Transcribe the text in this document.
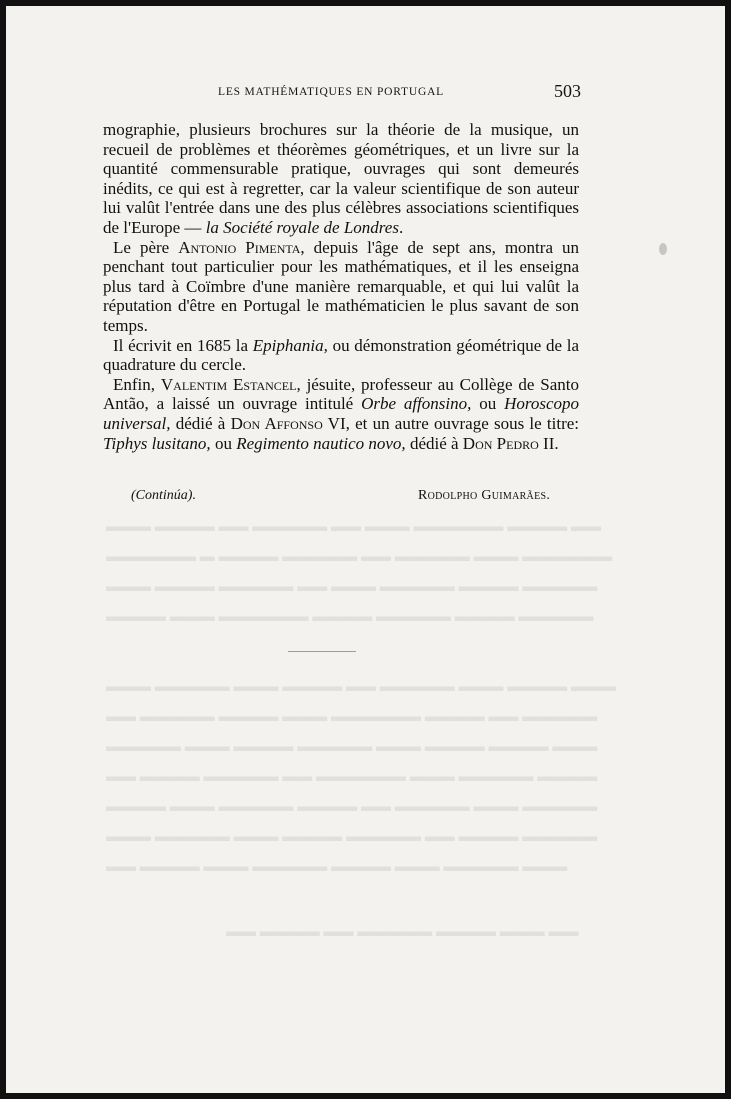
▬▬▬ ▬▬▬▬ ▬▬ ▬▬▬▬▬ ▬▬ ▬▬▬ ▬▬▬▬▬▬ ▬▬▬▬ ▬▬
▬▬▬▬▬▬ ▬ ▬▬▬▬ ▬▬▬▬▬ ▬▬ ▬▬▬▬▬ ▬▬▬ ▬▬▬▬▬▬
▬▬▬ ▬▬▬▬ ▬▬▬▬▬ ▬▬ ▬▬▬ ▬▬▬▬▬ ▬▬▬▬ ▬▬▬▬▬
▬▬▬▬ ▬▬▬ ▬▬▬▬▬▬ ▬▬▬▬ ▬▬▬▬▬ ▬▬▬▬ ▬▬▬▬▬
▬▬▬ ▬▬▬▬▬ ▬▬▬ ▬▬▬▬ ▬▬ ▬▬▬▬▬ ▬▬▬ ▬▬▬▬ ▬▬▬
▬▬ ▬▬▬▬▬ ▬▬▬▬ ▬▬▬ ▬▬▬▬▬▬ ▬▬▬▬ ▬▬ ▬▬▬▬▬
▬▬▬▬▬ ▬▬▬ ▬▬▬▬ ▬▬▬▬▬ ▬▬▬ ▬▬▬▬ ▬▬▬▬ ▬▬▬
▬▬ ▬▬▬▬ ▬▬▬▬▬ ▬▬ ▬▬▬▬▬▬ ▬▬▬ ▬▬▬▬▬ ▬▬▬▬
▬▬▬▬ ▬▬▬ ▬▬▬▬▬ ▬▬▬▬ ▬▬ ▬▬▬▬▬ ▬▬▬ ▬▬▬▬▬
▬▬▬ ▬▬▬▬▬ ▬▬▬ ▬▬▬▬ ▬▬▬▬▬ ▬▬ ▬▬▬▬ ▬▬▬▬▬
▬▬ ▬▬▬▬ ▬▬▬ ▬▬▬▬▬ ▬▬▬▬ ▬▬▬ ▬▬▬▬▬ ▬▬▬
▬▬ ▬▬▬▬ ▬▬ ▬▬▬▬▬ ▬▬▬▬ ▬▬▬ ▬▬
LES MATHÉMATIQUES EN PORTUGAL	503

mographie, plusieurs brochures sur la théorie de la musique, un recueil de problèmes et théorèmes géométriques, et un livre sur la quantité commensurable pratique, ouvrages qui sont demeurés inédits, ce qui est à regretter, car la valeur scientifique de son auteur lui valût l'entrée dans une des plus célèbres associations scientifiques de l'Europe — la Société royale de Londres.

Le père Antonio Pimenta, depuis l'âge de sept ans, montra un penchant tout particulier pour les mathématiques, et il les enseigna plus tard à Coïmbre d'une manière remarquable, et qui lui valût la réputation d'être en Portugal le mathématicien le plus savant de son temps.

Il écrivit en 1685 la Epiphania, ou démonstration géométrique de la quadrature du cercle.

Enfin, Valentim Estancel, jésuite, professeur au Collège de Santo Antão, a laissé un ouvrage intitulé Orbe affonsino, ou Horoscopo universal, dédié à Don Affonso VI, et un autre ouvrage sous le titre: Tiphys lusitano, ou Regimento nautico novo, dédié à Don Pedro II.

(Continúa).	Rodolpho Guimarães.
